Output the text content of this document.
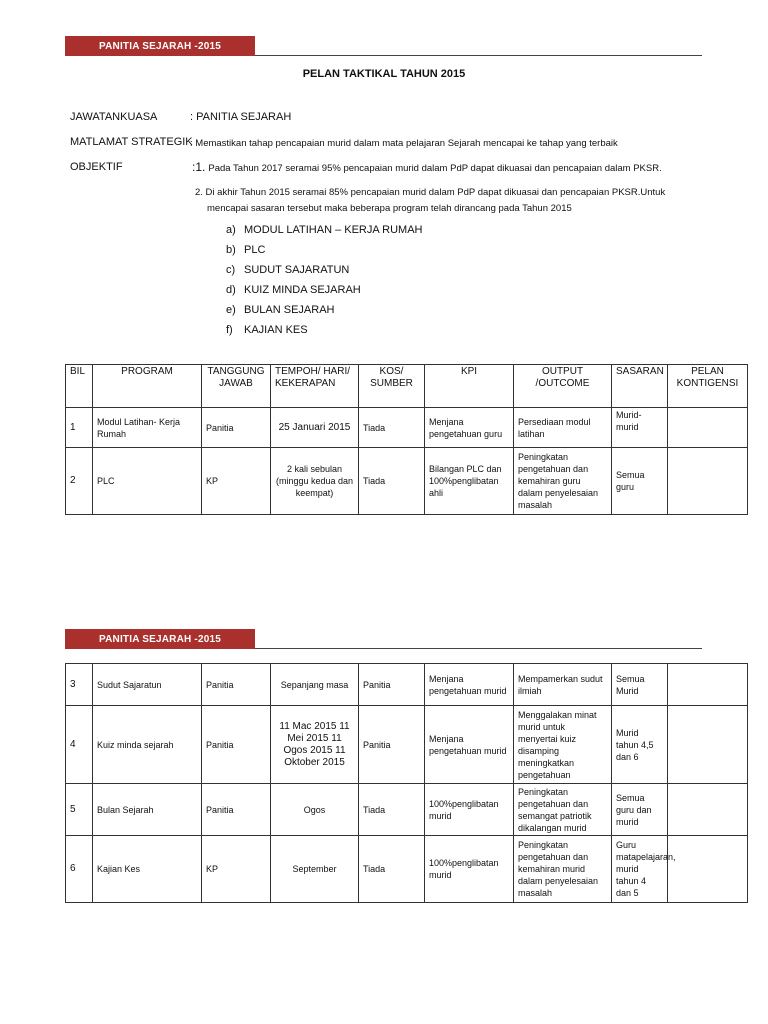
PANITIA SEJARAH -2015
PELAN TAKTIKAL TAHUN 2015
JAWATANKUASA	: PANITIA SEJARAH
MATLAMAT STRATEGIK
: Memastikan tahap pencapaian murid dalam mata pelajaran Sejarah mencapai ke tahap yang terbaik
OBJEKTIF	:1. Pada Tahun 2017 seramai 95% pencapaian murid dalam PdP dapat dikuasai dan pencapaian dalam PKSR.
2. Di akhir Tahun 2015 seramai 85% pencapaian murid dalam PdP dapat dikuasai dan pencapaian PKSR.Untuk
mencapai sasaran tersebut maka beberapa program telah dirancang pada Tahun 2015
a) MODUL LATIHAN – KERJA RUMAH
b) PLC
c) SUDUT SAJARATUN
d) KUIZ MINDA SEJARAH
e) BULAN SEJARAH
f)	KAJIAN KES
BIL	PROGRAM	TANGGUNG JAWAB	TEMPOH/ HARI/ KEKERAPAN	KOS/ SUMBER	KPI	OUTPUT /OUTCOME	SASARAN	PELAN KONTIGENSI
1	Modul Latihan- Kerja Rumah	Panitia	25 Januari 2015	Tiada	Menjana pengetahuan guru	Persediaan modul latihan	Murid-murid	
2	PLC	KP	2 kali sebulan (minggu kedua dan keempat)	Tiada	Bilangan PLC dan 100%penglibatan ahli	Peningkatan pengetahuan dan kemahiran guru dalam penyelesaian masalah	Semua guru	
PANITIA SEJARAH -2015
3	Sudut Sajaratun	Panitia	Sepanjang masa	Panitia	Menjana pengetahuan murid	Mempamerkan sudut ilmiah	Semua Murid	
4	Kuiz minda sejarah	Panitia	11 Mac 2015 11 Mei 2015 11 Ogos 2015 11 Oktober 2015	Panitia	Menjana pengetahuan murid	Menggalakan minat murid untuk menyertai kuiz disamping meningkatkan pengetahuan	Murid tahun 4,5 dan 6	
5	Bulan Sejarah	Panitia	Ogos	Tiada	100%penglibatan murid	Peningkatan pengetahuan dan semangat patriotik dikalangan murid	Semua guru dan murid	
6	Kajian Kes	KP	September	Tiada	100%penglibatan murid	Peningkatan pengetahuan dan kemahiran murid dalam penyelesaian masalah	Guru matapelajaran, murid tahun 4 dan 5	
